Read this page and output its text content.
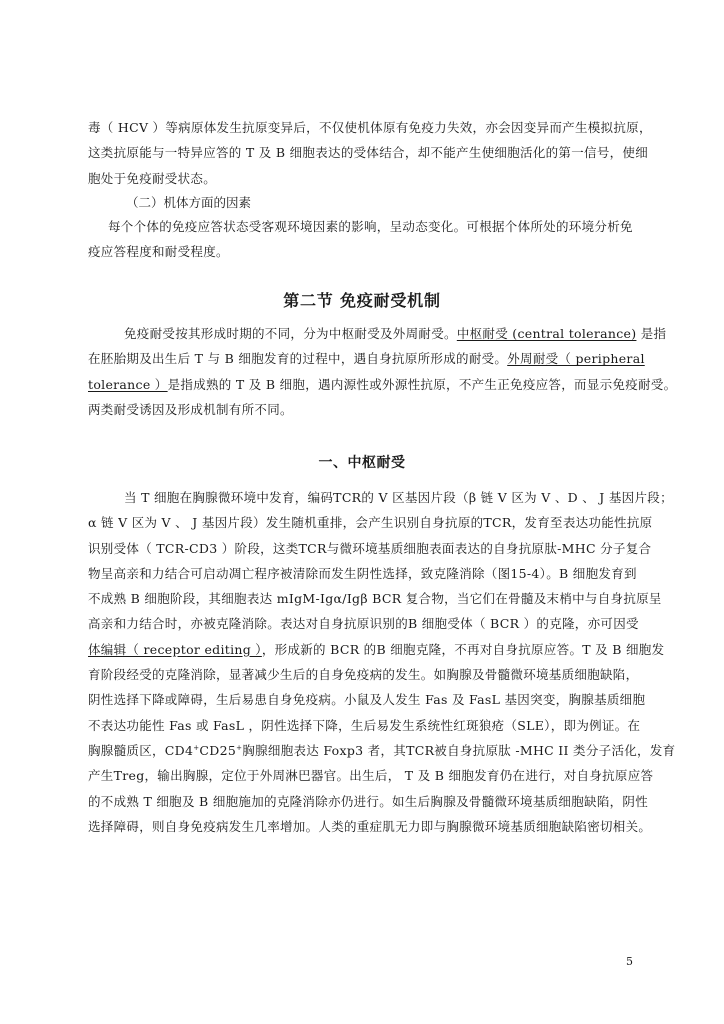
毒（ HCV ）等病原体发生抗原变异后，不仅使机体原有免疫力失效，亦会因变异而产生模拟抗原，
这类抗原能与一特异应答的 T 及 B 细胞表达的受体结合，却不能产生使细胞活化的第一信号，使细
胞处于免疫耐受状态。

（二）机体方面的因素

每个个体的免疫应答状态受客观环境因素的影响，呈动态变化。可根据个体所处的环境分析免

疫应答程度和耐受程度。

第二节 免疫耐受机制

免疫耐受按其形成时期的不同，分为中枢耐受及外周耐受。中枢耐受 (central tolerance) 是指
在胚胎期及出生后 T 与 B 细胞发育的过程中，遇自身抗原所形成的耐受。外周耐受（ peripheral
tolerance ）是指成熟的 T 及 B 细胞，遇内源性或外源性抗原，不产生正免疫应答，而显示免疫耐受。
两类耐受诱因及形成机制有所不同。

一、中枢耐受

当 T 细胞在胸腺微环境中发育，编码TCR的 V 区基因片段（β 链 V 区为 V 、D 、 J 基因片段；
α 链 V 区为 V 、 J 基因片段）发生随机重排，会产生识别自身抗原的TCR，发育至表达功能性抗原
识别受体（ TCR-CD3 ）阶段，这类TCR与微环境基质细胞表面表达的自身抗原肽-MHC 分子复合
物呈高亲和力结合可启动凋亡程序被清除而发生阴性选择，致克隆消除（图15-4）。B 细胞发育到
不成熟 B 细胞阶段，其细胞表达 mIgM-Igα/Igβ BCR 复合物，当它们在骨髓及末梢中与自身抗原呈
高亲和力结合时，亦被克隆消除。表达对自身抗原识别的B 细胞受体（ BCR ）的克隆，亦可因受
体编辑（ receptor editing ），形成新的 BCR 的B 细胞克隆，不再对自身抗原应答。T 及 B 细胞发
育阶段经受的克隆消除，显著减少生后的自身免疫病的发生。如胸腺及骨髓微环境基质细胞缺陷，
阴性选择下降或障碍，生后易患自身免疫病。小鼠及人发生 Fas 及 FasL 基因突变，胸腺基质细胞
不表达功能性 Fas 或 FasL ，阴性选择下降，生后易发生系统性红斑狼疮（SLE），即为例证。在
胸腺髓质区，CD4+CD25+胸腺细胞表达 Foxp3 者，其TCR被自身抗原肽 -MHC II 类分子活化，发育
产生Treg，输出胸腺，定位于外周淋巴器官。出生后， T 及 B 细胞发育仍在进行，对自身抗原应答
的不成熟 T 细胞及 B 细胞施加的克隆消除亦仍进行。如生后胸腺及骨髓微环境基质细胞缺陷，阴性
选择障碍，则自身免疫病发生几率增加。人类的重症肌无力即与胸腺微环境基质细胞缺陷密切相关。

5
